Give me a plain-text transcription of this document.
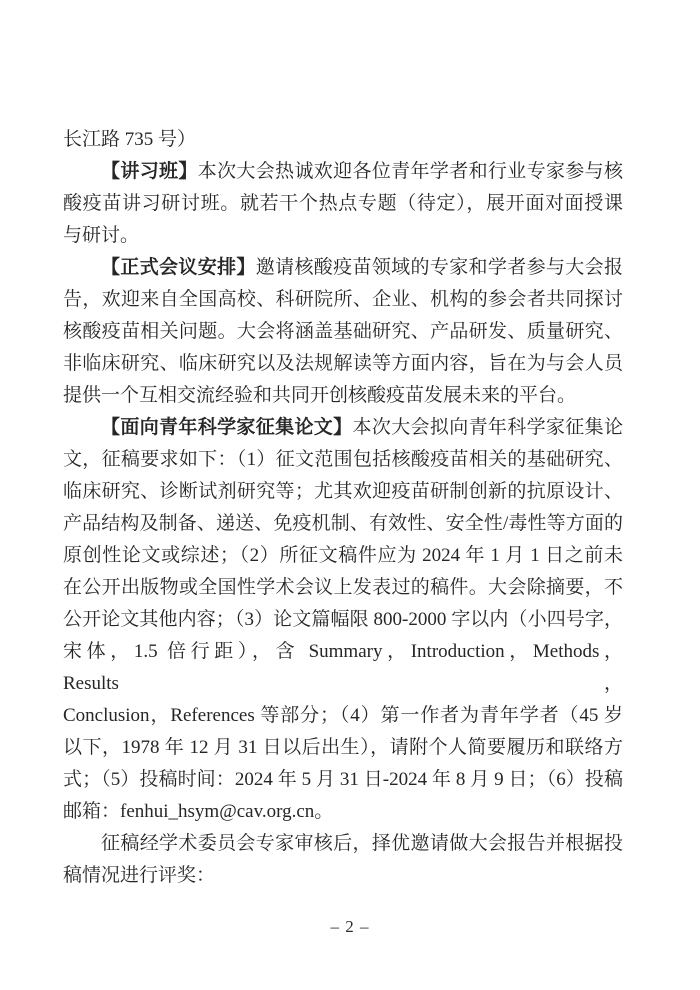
长江路 735 号）
【讲习班】本次大会热诚欢迎各位青年学者和行业专家参与核
酸疫苗讲习研讨班。就若干个热点专题（待定），展开面对面授课
与研讨。
【正式会议安排】邀请核酸疫苗领域的专家和学者参与大会报
告，欢迎来自全国高校、科研院所、企业、机构的参会者共同探讨
核酸疫苗相关问题。大会将涵盖基础研究、产品研发、质量研究、
非临床研究、临床研究以及法规解读等方面内容，旨在为与会人员
提供一个互相交流经验和共同开创核酸疫苗发展未来的平台。
【面向青年科学家征集论文】本次大会拟向青年科学家征集论
文，征稿要求如下：（1）征文范围包括核酸疫苗相关的基础研究、
临床研究、诊断试剂研究等；尤其欢迎疫苗研制创新的抗原设计、
产品结构及制备、递送、免疫机制、有效性、安全性/毒性等方面的
原创性论文或综述；（2）所征文稿件应为 2024 年 1 月 1 日之前未
在公开出版物或全国性学术会议上发表过的稿件。大会除摘要，不
公开论文其他内容；（3）论文篇幅限 800-2000 字以内（小四号字，
宋体，1.5 倍行距），含 Summary，Introduction，Methods，Results，
Conclusion，References 等部分；（4）第一作者为青年学者（45 岁
以下，1978 年 12 月 31 日以后出生），请附个人简要履历和联络方
式；（5）投稿时间：2024 年 5 月 31 日-2024 年 8 月 9 日；（6）投稿
邮箱：fenhui_hsym@cav.org.cn。
征稿经学术委员会专家审核后，择优邀请做大会报告并根据投
稿情况进行评奖：
– 2 –
